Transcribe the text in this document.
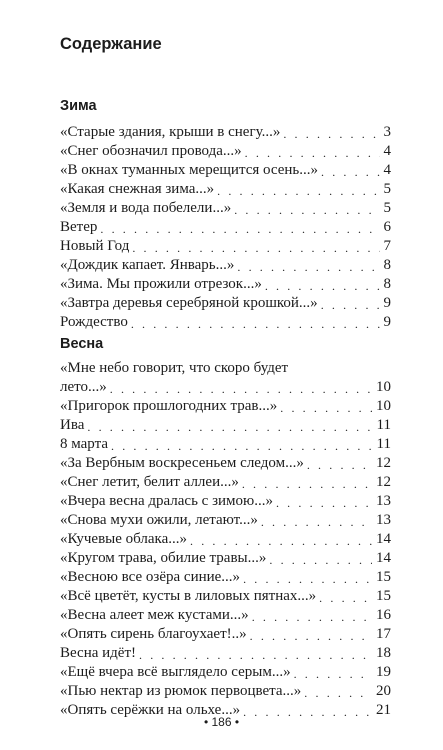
Содержание
Зима
«Старые здания, крыши в снегу...» . . .	3
«Снег обозначил провода...» . . .	4
«В окнах туманных мерещится осень...» . . .	4
«Какая снежная зима...» . . .	5
«Земля и вода побелели...» . . .	5
Ветер . . .	6
Новый Год . . .	7
«Дождик капает. Январь...» . . .	8
«Зима. Мы прожили отрезок...» . . .	8
«Завтра деревья серебряной крошкой...» . . .	9
Рождество . . .	9
Весна
«Мне небо говорит, что скоро будет
лето...» . . .	10
«Пригорок прошлогодних трав...» . . .	10
Ива . . .	11
8 марта . . .	11
«За Вербным воскресеньем следом...» . . .	12
«Снег летит, белит аллеи...» . . .	12
«Вчера весна дралась с зимою...» . . .	13
«Снова мухи ожили, летают...» . . .	13
«Кучевые облака...» . . .	14
«Кругом трава, обилие травы...» . . .	14
«Весною все озёра синие...» . . .	15
«Всё цветёт, кусты в лиловых пятнах...» . . .	15
«Весна алеет меж кустами...» . . .	16
«Опять сирень благоухает!..» . . .	17
Весна идёт! . . .	18
«Ещё вчера всё выглядело серым...» . . .	19
«Пью нектар из рюмок первоцвета...» . . .	20
«Опять серёжки на ольхе...» . . .	21
• 186 •
